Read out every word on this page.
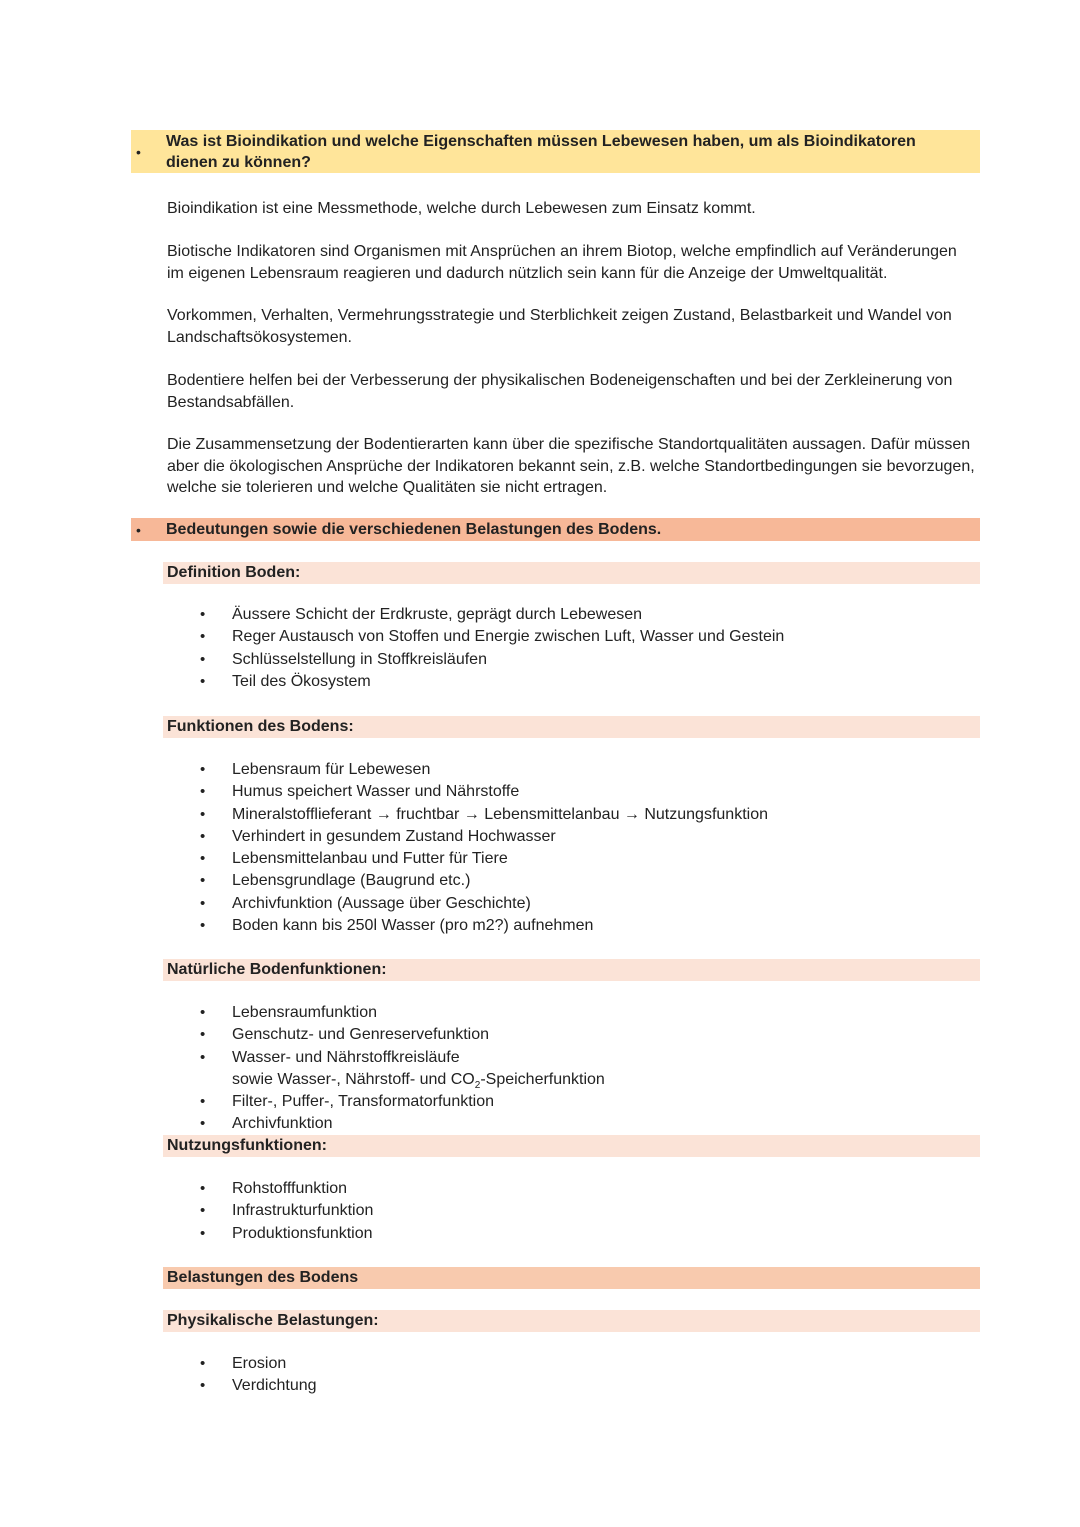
•
Was ist Bioindikation und welche Eigenschaften müssen Lebewesen haben, um als Bioindikatoren dienen zu können?
Bioindikation ist eine Messmethode, welche durch Lebewesen zum Einsatz kommt.
Biotische Indikatoren sind Organismen mit Ansprüchen an ihrem Biotop, welche empfindlich auf Veränderungen im eigenen Lebensraum reagieren und dadurch nützlich sein kann für die Anzeige der Umweltqualität.
Vorkommen, Verhalten, Vermehrungsstrategie und Sterblichkeit zeigen Zustand, Belastbarkeit und Wandel von Landschaftsökosystemen.
Bodentiere helfen bei der Verbesserung der physikalischen Bodeneigenschaften und bei der Zerkleinerung von Bestandsabfällen.
Die Zusammensetzung der Bodentierarten kann über die spezifische Standortqualitäten aussagen. Dafür müssen aber die ökologischen Ansprüche der Indikatoren bekannt sein, z.B. welche Standortbedingungen sie bevorzugen, welche sie tolerieren und welche Qualitäten sie nicht ertragen.
• Bedeutungen sowie die verschiedenen Belastungen des Bodens.
Definition Boden:
• Äussere Schicht der Erdkruste, geprägt durch Lebewesen
• Reger Austausch von Stoffen und Energie zwischen Luft, Wasser und Gestein
• Schlüsselstellung in Stoffkreisläufen
• Teil des Ökosystem
Funktionen des Bodens:
• Lebensraum für Lebewesen
• Humus speichert Wasser und Nährstoffe
• Mineralstofflieferant → fruchtbar → Lebensmittelanbau → Nutzungsfunktion
• Verhindert in gesundem Zustand Hochwasser
• Lebensmittelanbau und Futter für Tiere
• Lebensgrundlage (Baugrund etc.)
• Archivfunktion (Aussage über Geschichte)
• Boden kann bis 250l Wasser (pro m2?) aufnehmen
Natürliche Bodenfunktionen:
• Lebensraumfunktion
• Genschutz- und Genreservefunktion
• Wasser- und Nährstoffkreisläufe
sowie Wasser-, Nährstoff- und $CO_2$-Speicherfunktion
• Filter-, Puffer-, Transformatorfunktion
• Archivfunktion
Nutzungsfunktionen:
• Rohstofffunktion
• Infrastrukturfunktion
• Produktionsfunktion
Belastungen des Bodens
Physikalische Belastungen:
• Erosion
• Verdichtung
